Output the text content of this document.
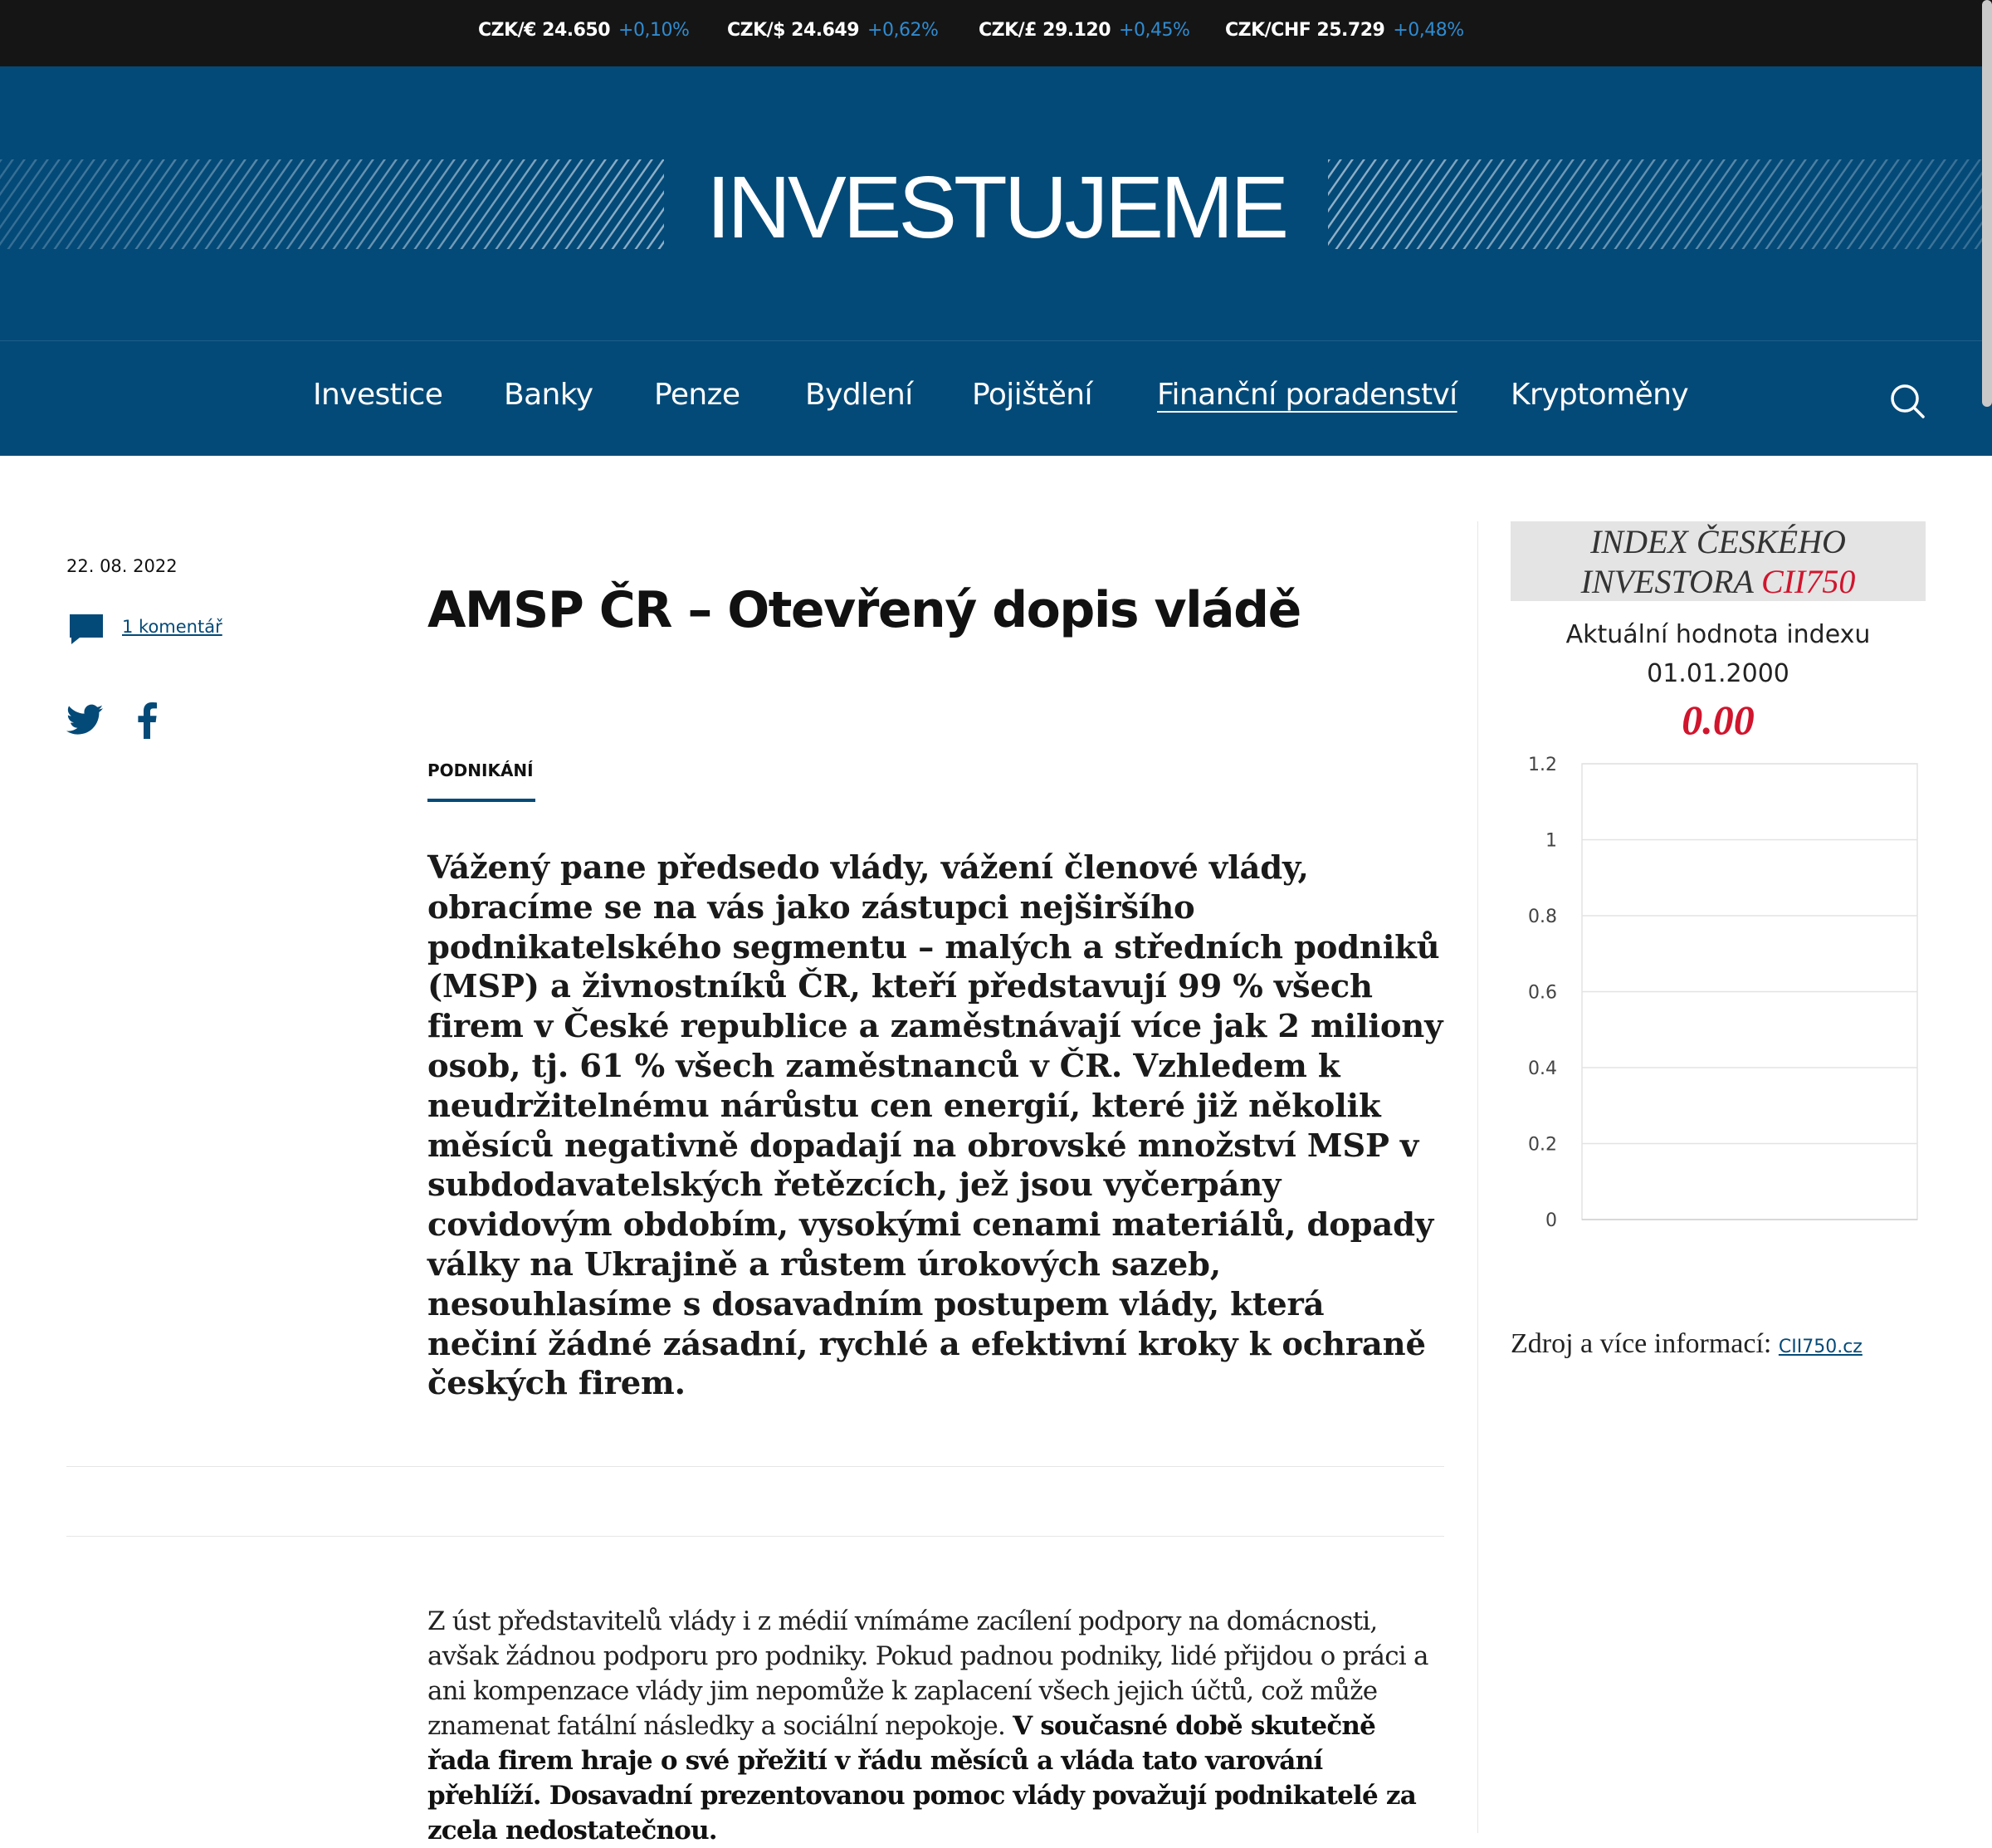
CZK/€ 24.650 +0,10% CZK/$ 24.649 +0,62% CZK/£ 29.120 +0,45% CZK/CHF 25.729 +0,48%
INVESTUJEME
Investice Banky Penze Bydlení Pojištění Finanční poradenství Kryptoměny
22. 08. 2022
1 komentář	AMSP ČR – Otevřený dopis vládě
PODNIKÁNÍ

Vážený pane předsedo vlády, vážení členové vlády, obracíme se na vás jako zástupci nejširšího podnikatelského segmentu – malých a středních podniků (MSP) a živnostníků ČR, kteří představují 99 % všech firem v České republice a zaměstnávají více jak 2 miliony osob, tj. 61 % všech zaměstnanců v ČR. Vzhledem k neudržitelnému nárůstu cen energií, které již několik měsíců negativně dopadají na obrovské množství MSP v subdodavatelských řetězcích, jež jsou vyčerpány covidovým obdobím, vysokými cenami materiálů, dopady války na Ukrajině a růstem úrokových sazeb, nesouhlasíme s dosavadním postupem vlády, která nečiní žádné zásadní, rychlé a efektivní kroky k ochraně českých firem.

Z úst představitelů vlády i z médií vnímáme zacílení podpory na domácnosti, avšak žádnou podporu pro podniky. Pokud padnou podniky, lidé přijdou o práci a ani kompenzace vlády jim nepomůže k zaplacení všech jejich účtů, což může znamenat fatální následky a sociální nepokoje. V současné době skutečně řada firem hraje o své přežití v řádu měsíců a vláda tato varování přehlíží. Dosavadní prezentovanou pomoc vlády považují podnikatelé za zcela nedostatečnou.

INDEX ČESKÉHO
INVESTORA CII750
Aktuální hodnota indexu
01.01.2000
0.00
0
0.2
0.4
0.6
0.8
1
1.2
Zdroj a více informací: CII750.cz
